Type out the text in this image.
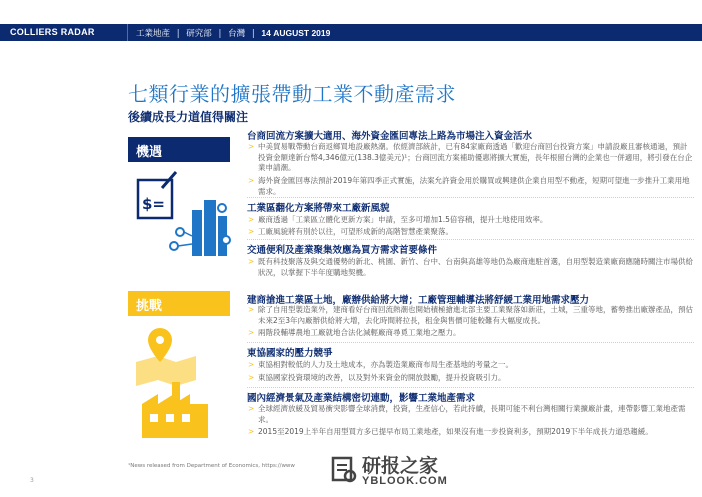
COLLIERS RADAR	工業地產 | 研究部 | 台灣 | 14 AUGUST 2019
七類行業的擴張帶動工業不動產需求
後續成長力道值得關注
機遇
$=
台商回流方案擴大適用、海外資金匯回專法上路為市場注入資金活水
> 中美貿易戰帶動台商返鄉買地設廠熱潮。依經濟部統計，已有84家廠商透過「歡迎台商回台投資方案」申請設廠且審核通過，預計投資金額達新台幣4,346億元(138.3億美元)¹；台商回流方案補助優惠將擴大實施，長年根留台灣的企業也一併適用，將引發在台企業申請潮。
> 海外資金匯回專法預計2019年第四季正式實施，法案允許資金用於購買或興建供企業自用型不動產，短期可望進一步推升工業用地需求。
工業區翻化方案將帶來工廠新風貌
> 廠商透過「工業區立體化更新方案」申請，至多可增加1.5倍容積，提升土地使用效率。
> 工廠風貌將有別於以往，可望形成新的高階智慧產業聚落。
交通便利及產業聚集效應為買方需求首要條件
> 既有科技聚落及與交通優勢的新北、桃園、新竹、台中、台南與高雄等地仍為廠商進駐首選，自用型製造業廠商應隨時關注市場供給狀況，以掌握下半年度購地契機。
挑戰	建商搶進工業區土地，廠辦供給將大增；工廠管理輔導法將舒緩工業用地需求壓力
> 除了自用型製造業外，建商看好台商回流熱潮也開始積極搶進北部主要工業聚落如新莊，土城，三重等地，蓄勢推出廠辦產品，預估未來2至3年內廠辦供給將大增，去化時間將拉長，租金與售價可能較難有大幅度成長。
> 兩階段輔導農地工廠就地合法化減輕廠商尋覓工業地之壓力。
東協國家的壓力競爭
> 東協相對較低的人力及土地成本，亦為製造業廠商布局生產基地的考量之一。
> 東協國家投資環境的改善，以及對外來資金的開放鼓勵，提升投資吸引力。
國內經濟景氣及產業結構密切連動，影響工業地產需求
> 全球經濟放緩及貿易衝突影響全球消費，投資，生產信心，若此持續，長期可能不利台灣相關行業擴廠計畫，連帶影響工業地產需求。
> 2015至2019上半年自用型買方多已提早布局工業地產，如果沒有進一步投資利多，預期2019下半年成長力道恐趨緩。
¹News released from Department of Economics, https://www
3
研报之家
YBLOOK.COM
